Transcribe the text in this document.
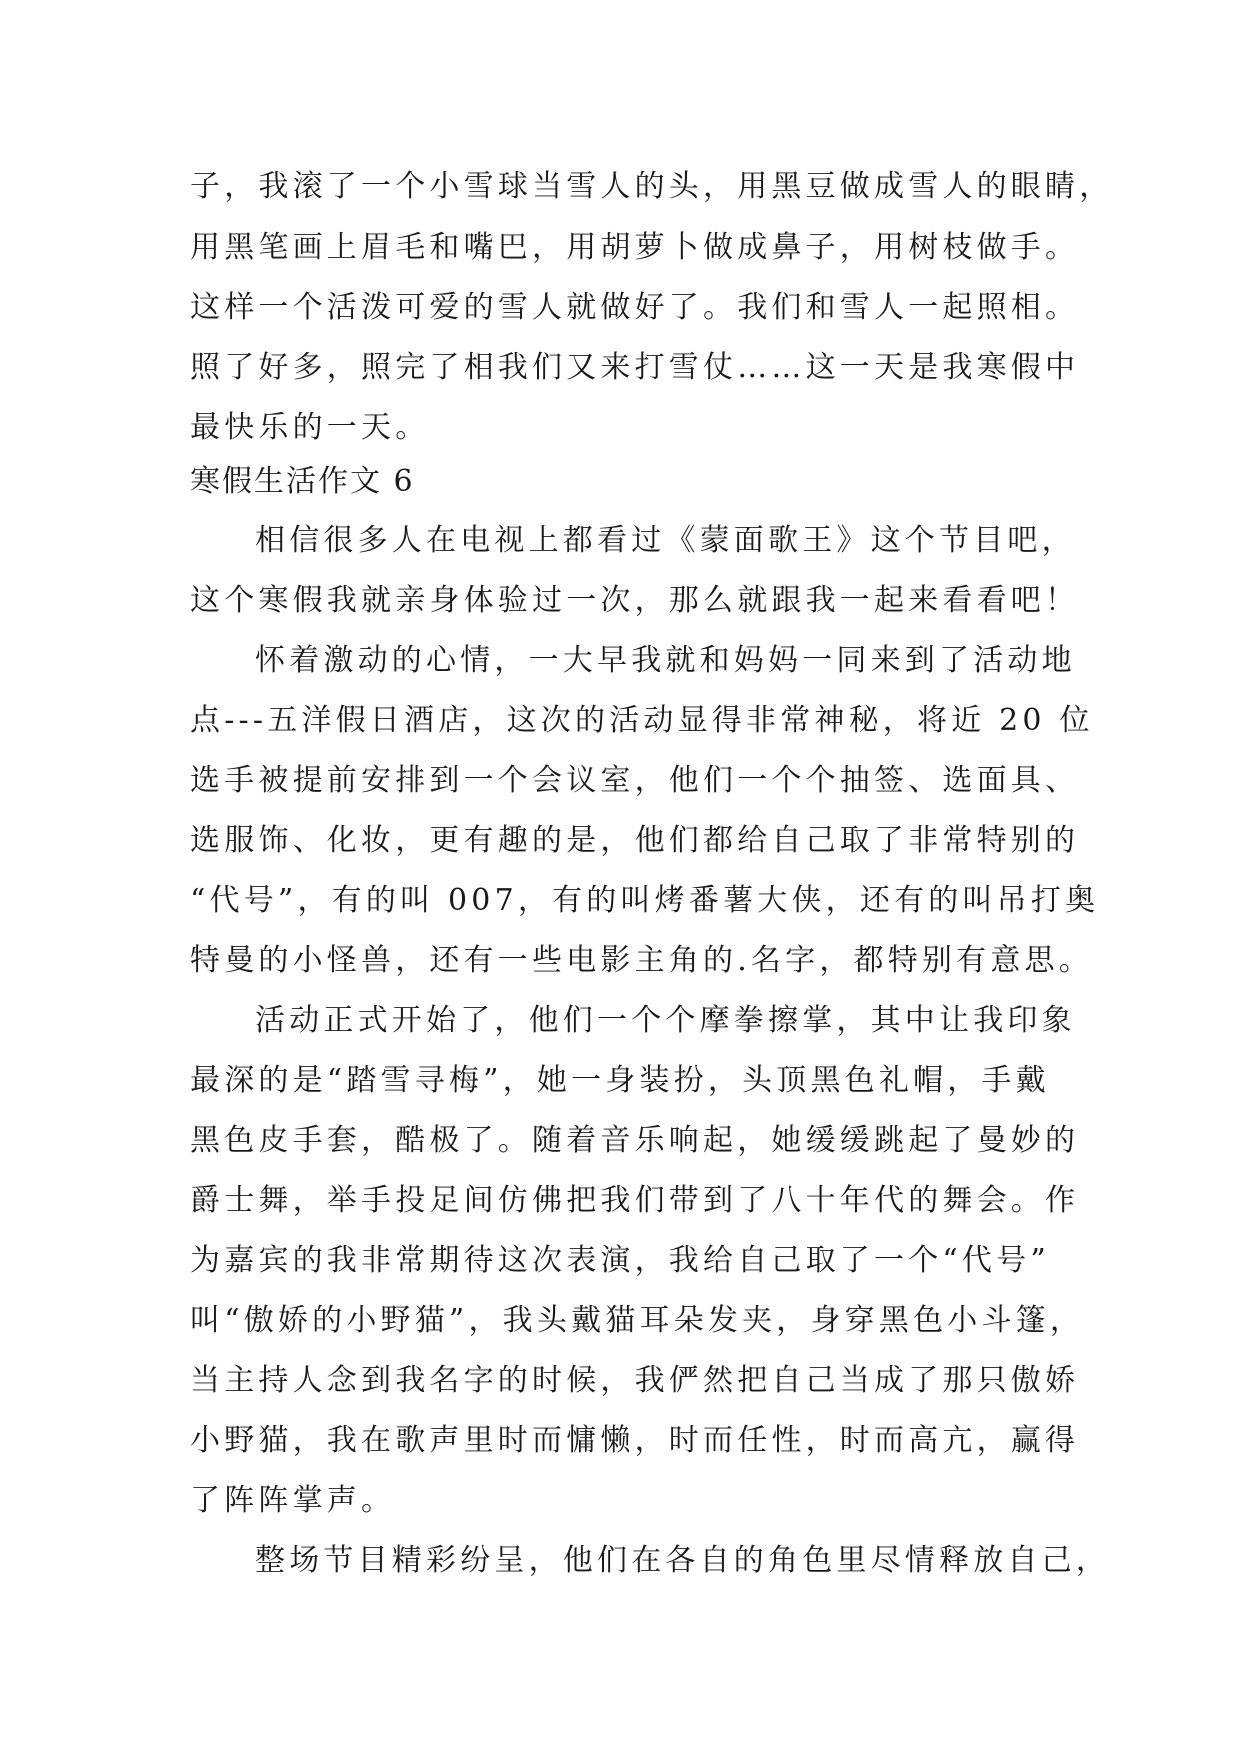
子，我滚了一个小雪球当雪人的头，用黑豆做成雪人的眼睛，
用黑笔画上眉毛和嘴巴，用胡萝卜做成鼻子，用树枝做手。
这样一个活泼可爱的雪人就做好了。我们和雪人一起照相。
照了好多，照完了相我们又来打雪仗……这一天是我寒假中
最快乐的一天。
寒假生活作文 6
相信很多人在电视上都看过《蒙面歌王》这个节目吧，
这个寒假我就亲身体验过一次，那么就跟我一起来看看吧！
怀着激动的心情，一大早我就和妈妈一同来到了活动地
点---五洋假日酒店，这次的活动显得非常神秘，将近 20 位
选手被提前安排到一个会议室，他们一个个抽签、选面具、
选服饰、化妆，更有趣的是，他们都给自己取了非常特别的
“代号”，有的叫 007，有的叫烤番薯大侠，还有的叫吊打奥
特曼的小怪兽，还有一些电影主角的.名字，都特别有意思。
活动正式开始了，他们一个个摩拳擦掌，其中让我印象
最深的是“踏雪寻梅”，她一身装扮，头顶黑色礼帽，手戴
黑色皮手套，酷极了。随着音乐响起，她缓缓跳起了曼妙的
爵士舞，举手投足间仿佛把我们带到了八十年代的舞会。作
为嘉宾的我非常期待这次表演，我给自己取了一个“代号”
叫“傲娇的小野猫”，我头戴猫耳朵发夹，身穿黑色小斗篷，
当主持人念到我名字的时候，我俨然把自己当成了那只傲娇
小野猫，我在歌声里时而慵懒，时而任性，时而高亢，赢得
了阵阵掌声。
整场节目精彩纷呈，他们在各自的角色里尽情释放自己，
